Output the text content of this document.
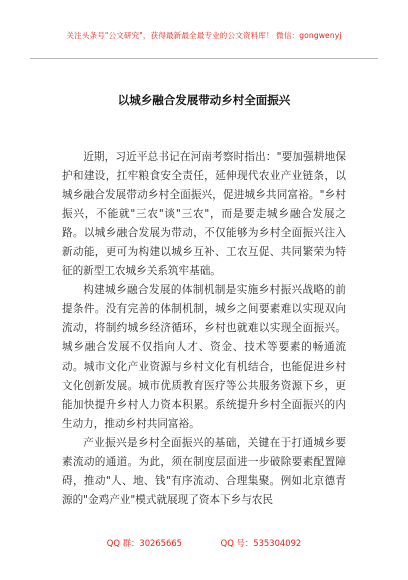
关注头条号"公文研究"，获得最新最全最专业的公文资料库！ 微信：gongwenyj
以城乡融合发展带动乡村全面振兴

近期，习近平总书记在河南考察时指出："要加强耕地保护和建设，扛牢粮食安全责任，延伸现代农业产业链条，以城乡融合发展带动乡村全面振兴，促进城乡共同富裕。"乡村振兴，不能就"三农"谈"三农"，而是要走城乡融合发展之路。以城乡融合发展为带动，不仅能够为乡村全面振兴注入新动能，更可为构建以城乡互补、工农互促、共同繁荣为特征的新型工农城乡关系筑牢基础。

构建城乡融合发展的体制机制是实施乡村振兴战略的前提条件。没有完善的体制机制，城乡之间要素难以实现双向流动，将制约城乡经济循环，乡村也就难以实现全面振兴。城乡融合发展不仅指向人才、资金、技术等要素的畅通流动。城市文化产业资源与乡村文化有机结合，也能促进乡村文化创新发展。城市优质教育医疗等公共服务资源下乡，更能加快提升乡村人力资本积累。系统提升乡村全面振兴的内生动力，推动乡村共同富裕。

产业振兴是乡村全面振兴的基础，关键在于打通城乡要素流动的通道。为此，须在制度层面进一步破除要素配置障碍，推动"人、地、钱"有序流动、合理集聚。例如北京德青源的"金鸡产业"模式就展现了资本下乡与农民

QQ 群：30265665	QQ 号：535304092
